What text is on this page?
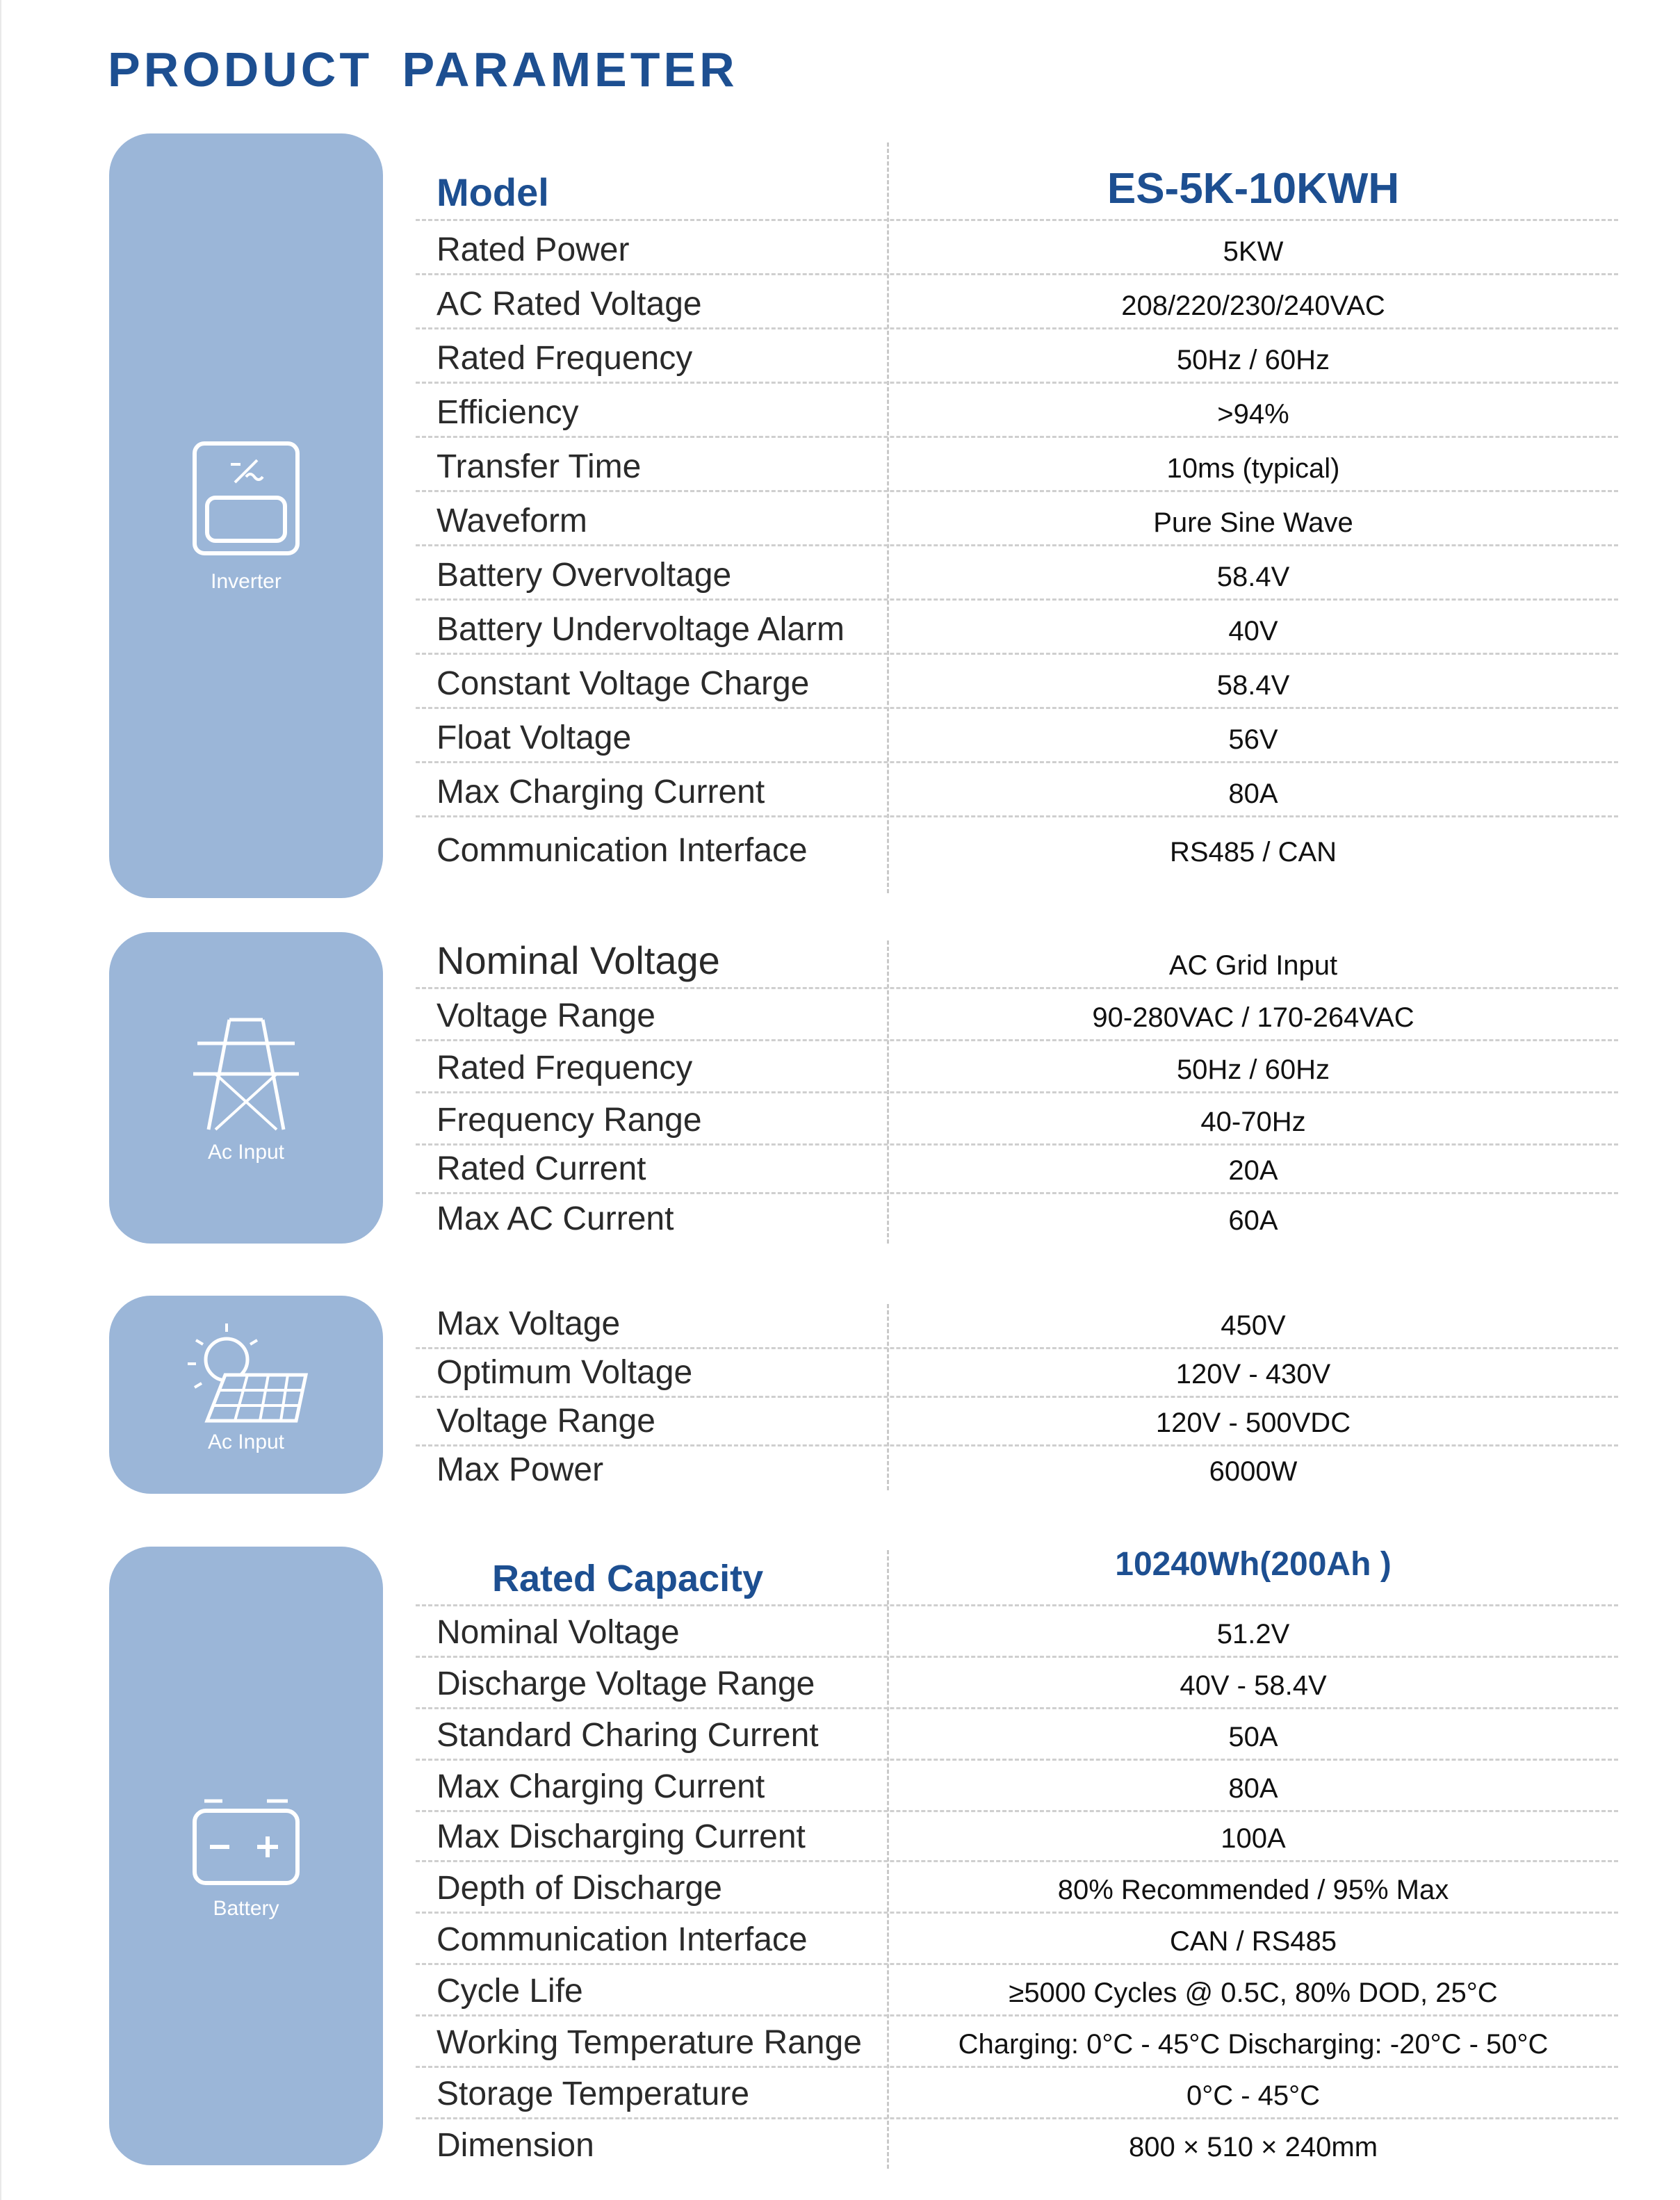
PRODUCT PARAMETER
Inverter
Model	ES-5K-10KWH
Rated Power	5KW
AC Rated Voltage	208/220/230/240VAC
Rated Frequency	50Hz / 60Hz
Efficiency	>94%
Transfer Time	10ms (typical)
Waveform	Pure Sine Wave
Battery Overvoltage	58.4V
Battery Undervoltage Alarm	40V
Constant Voltage Charge	58.4V
Float Voltage	56V
Max Charging Current	80A
Communication Interface	RS485 / CAN
Ac Input
Nominal Voltage	AC Grid Input
Voltage Range	90-280VAC / 170-264VAC
Rated Frequency	50Hz / 60Hz
Frequency Range	40-70Hz
Rated Current	20A
Max AC Current	60A
Ac Input
Max Voltage	450V
Optimum Voltage	120V - 430V
Voltage Range	120V - 500VDC
Max Power	6000W
Battery
Rated Capacity	10240Wh(200Ah )
Nominal Voltage	51.2V
Discharge Voltage Range	40V - 58.4V
Standard Charing Current	50A
Max Charging Current	80A
Max Discharging Current	100A
Depth of Discharge	80% Recommended / 95% Max
Communication Interface	CAN / RS485
Cycle Life	≥5000 Cycles @ 0.5C, 80% DOD, 25°C
Working Temperature Range	Charging: 0°C - 45°C Discharging: -20°C - 50°C
Storage Temperature	0°C - 45°C
Dimension	800 × 510 × 240mm
